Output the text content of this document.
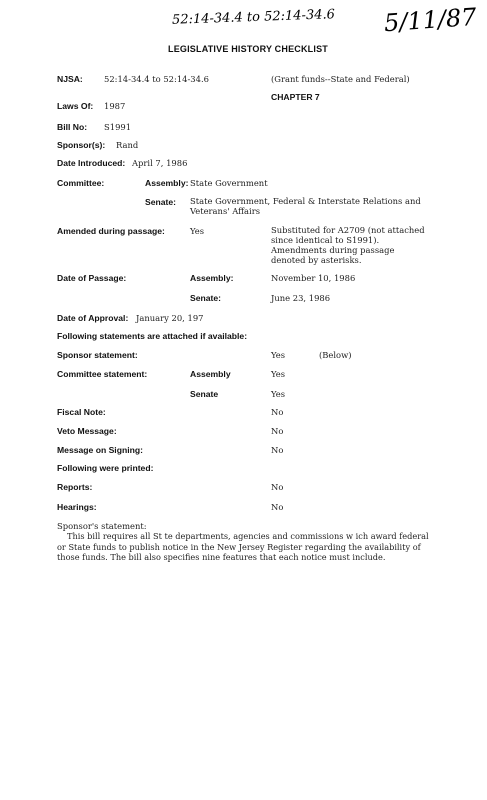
52:14-34.4 to 52:14-34.6 5/11/87
LEGISLATIVE HISTORY CHECKLIST
NJSA:	52:14-34.4 to 52:14-34.6	(Grant funds--State and Federal)
CHAPTER 7
Laws Of: 1987
Bill No: S1991
Sponsor(s): Rand
Date Introduced: April 7, 1986
Committee:	Assembly: State Government
Senate: State Government, Federal & Interstate Relations and Veterans' Affairs
Amended during passage:	Yes	Substituted for A2709 (not attached since identical to S1991). Amendments during passage denoted by asterisks.
Date of Passage:	Assembly:	November 10, 1986
Senate:	June 23, 1986
Date of Approval: January 20, 197
Following statements are attached if available:
Sponsor statement:	Yes	(Below)
Committee statement:	Assembly	Yes
Senate	Yes
Fiscal Note:	No
Veto Message:	No
Message on Signing:	No
Following were printed:
Reports:	No
Hearings:	No
Sponsor's statement:
This bill requires all St te departments, agencies and commissions w ich award federal or State funds to publish notice in the New Jersey Register regarding the availability of those funds. The bill also specifies nine features that each notice must include.
